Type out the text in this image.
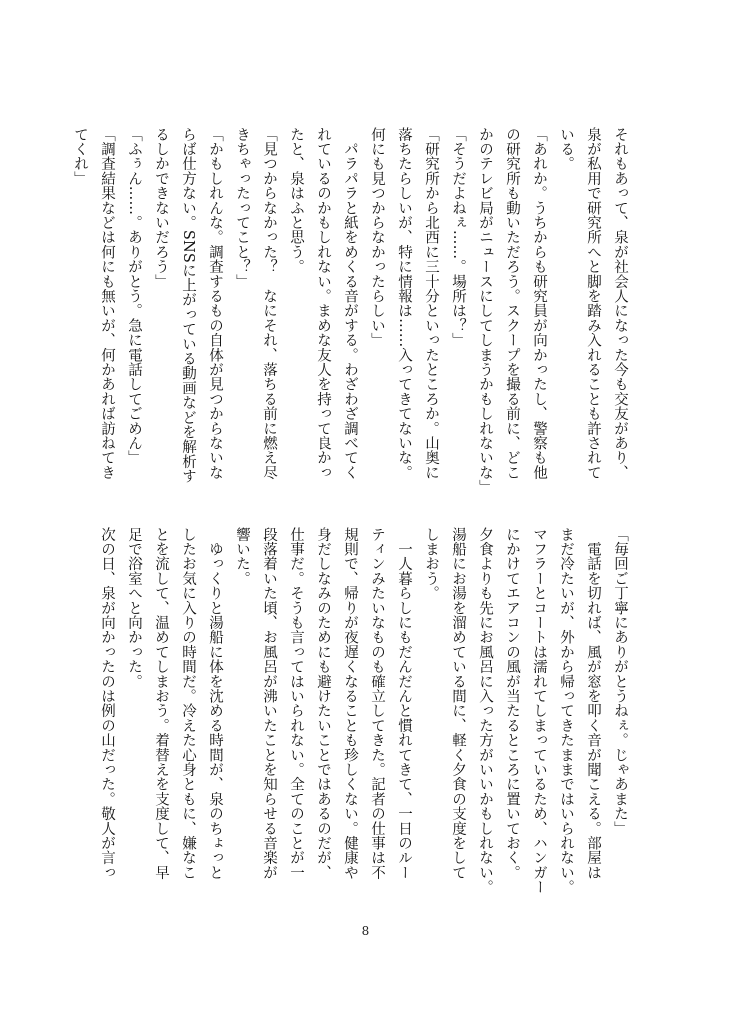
それもあって、泉が社会人になった今も交友があり、

泉が私用で研究所へと脚を踏み入れることも許されて

いる。

「あれか。うちからも研究員が向かったし、警察も他

の研究所も動いただろう。スクープを撮る前に、どこ

かのテレビ局がニュースにしてしまうかもしれないな」

「そうだよねぇ……。場所は？」

「研究所から北西に三十分といったところか。山奥に

落ちたらしいが、特に情報は……入ってきてないな。

何にも見つからなかったらしい」

　パラパラと紙をめくる音がする。わざわざ調べてく

れているのかもしれない。まめな友人を持って良かっ

たと、泉はふと思う。

「見つからなかった？　なにそれ、落ちる前に燃え尽

きちゃったってこと？」

「かもしれんな。調査するもの自体が見つからないな

らば仕方ない。SNSに上がっている動画などを解析す

るしかできないだろう」

「ふぅん……。ありがとう。急に電話してごめん」

「調査結果などは何にも無いが、何かあれば訪ねてき

てくれ」

「毎回ご丁寧にありがとうねぇ。じゃあまた」

　電話を切れば、風が窓を叩く音が聞こえる。部屋は

まだ冷たいが、外から帰ってきたままではいられない。

マフラーとコートは濡れてしまっているため、ハンガー

にかけてエアコンの風が当たるところに置いておく。

夕食よりも先にお風呂に入った方がいいかもしれない。

湯船にお湯を溜めている間に、軽く夕食の支度をして

しまおう。

　一人暮らしにもだんだんと慣れてきて、一日のルー

ティンみたいなものも確立してきた。記者の仕事は不

規則で、帰りが夜遅くなることも珍しくない。健康や

身だしなみのためにも避けたいことではあるのだが、

仕事だ。そうも言ってはいられない。全てのことが一

段落着いた頃、お風呂が沸いたことを知らせる音楽が

響いた。

　ゆっくりと湯船に体を沈める時間が、泉のちょっと

したお気に入りの時間だ。冷えた心身ともに、嫌なこ

とを流して、温めてしまおう。着替えを支度して、早

足で浴室へと向かった。

次の日、泉が向かったのは例の山だった。敬人が言っ

8
